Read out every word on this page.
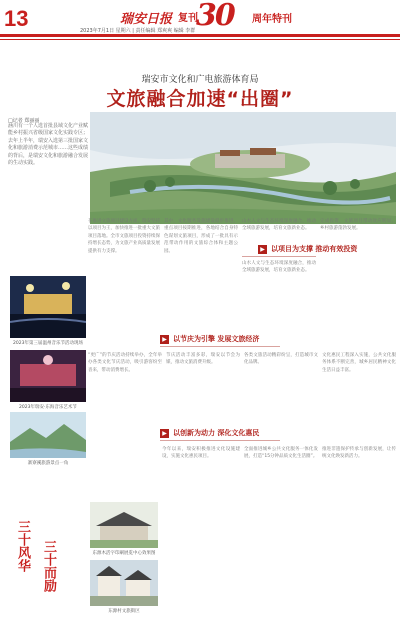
13	瑞安日报 复刊
30 周年特刊
2023年7月1日 星期六 | 责任编辑 郑爽爽 编辑 李群
瑞安市文化和广电旅游体育局
文旅融合加速“出圈”
□记者 郑丽丽
涵川有一个人选首批县域文化产业赋能乡村振兴省级国家文化实践专区；去年上半年，瑞安入选第三批国家文化和旅游消费示范城市……这些成绩的背后，是瑞安文化和旅游融合发展的生动实践。
在推进文旅项目建设方面，瑞安坚持以项目为王，加快推进一批重大文旅项目落地。全市文旅项目投资持续保持增长态势，为文旅产业高质量发展提供有力支撑。
其中，文化服务设施建设稳步推进，重点项目按期推进，各地结合自身特色谋划文旅项目，形成了一批具有示范带动作用的文旅综合体和主题公园。
山水人文与生态环境深度融合，推动全域旅游发展，培育文旅新业态。
完成投资，文旅项目带动效应明显，乡村旅游蓬勃发展。
▶ 以项目为支撑 推动有效投资
山水人文与生态环境深度融合，推动全域旅游发展，培育文旅新业态。
2023年第三届温州音乐节活动现场
2023年瑞安·东海音乐艺术节
寨寮溪旅游景点一角
▶ 以节庆为引擎 发展文旅经济
“更广”的节庆活动持续举办，全年举办各类文化节庆活动，吸引游客纷至沓来，带动消费增长。
节庆活动丰富多彩，瑞安以节会为媒，推动文旅消费升级。
各类文旅活动精彩纷呈，打造城市文化品牌。
文化惠民工程深入实施，公共文化服务体系不断完善，城乡居民精神文化生活日益丰富。
▶ 以创新为动力 深化文化惠民
东源木活字印刷展览中心效果图
东源村文旅街区
今年以来，瑞安积极推进文化设施建设，实施文化惠民项目。
全面推进城乡公共文化服务一体化发展，打造“15分钟品质文化生活圈”。
推进非遗保护传承与创新发展，让传统文化焕发新活力。
三十风华 三十而励
